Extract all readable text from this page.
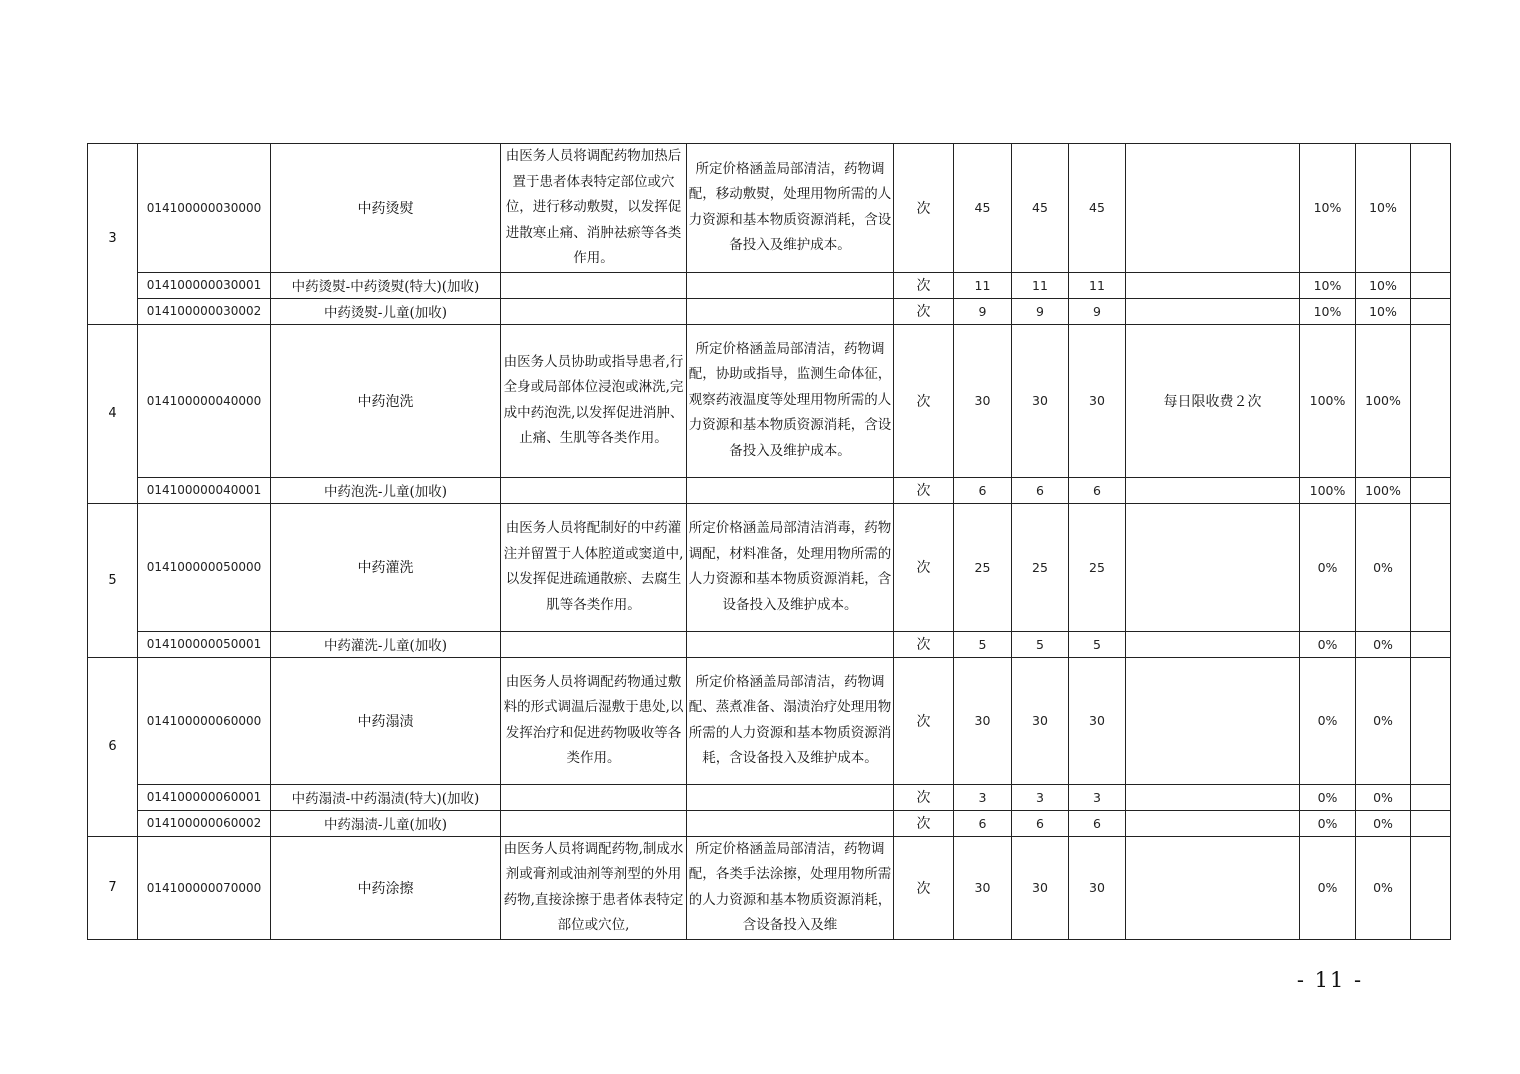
3	014100000030000	中药烫熨	由医务人员将调配药物加热后置于患者体表特定部位或穴位，进行移动敷熨，以发挥促进散寒止痛、消肿祛瘀等各类作用。	所定价格涵盖局部清洁，药物调配，移动敷熨，处理用物所需的人力资源和基本物质资源消耗，含设备投入及维护成本。	次	45	45	45		10%	10%	
	014100000030001	中药烫熨-中药烫熨(特大)(加收)			次	11	11	11		10%	10%	
	014100000030002	中药烫熨-儿童(加收)			次	9	9	9		10%	10%	
4	014100000040000	中药泡洗	由医务人员协助或指导患者,行全身或局部体位浸泡或淋洗,完成中药泡洗,以发挥促进消肿、止痛、生肌等各类作用。	所定价格涵盖局部清洁，药物调配，协助或指导，监测生命体征，观察药液温度等处理用物所需的人力资源和基本物质资源消耗，含设备投入及维护成本。	次	30	30	30	每日限收费２次	100%	100%	
	014100000040001	中药泡洗-儿童(加收)			次	6	6	6		100%	100%	
5	014100000050000	中药灌洗	由医务人员将配制好的中药灌注并留置于人体腔道或窦道中,以发挥促进疏通散瘀、去腐生肌等各类作用。	所定价格涵盖局部清洁消毒，药物调配，材料准备，处理用物所需的人力资源和基本物质资源消耗，含设备投入及维护成本。	次	25	25	25		0%	0%	
	014100000050001	中药灌洗-儿童(加收)			次	5	5	5		0%	0%	
6	014100000060000	中药溻渍	由医务人员将调配药物通过敷料的形式调温后湿敷于患处,以发挥治疗和促进药物吸收等各类作用。	所定价格涵盖局部清洁，药物调配、蒸煮准备、溻渍治疗处理用物所需的人力资源和基本物质资源消耗，含设备投入及维护成本。	次	30	30	30		0%	0%	
	014100000060001	中药溻渍-中药溻渍(特大)(加收)			次	3	3	3		0%	0%	
	014100000060002	中药溻渍-儿童(加收)			次	6	6	6		0%	0%	
7	014100000070000	中药涂擦	由医务人员将调配药物,制成水剂或膏剂或油剂等剂型的外用药物,直接涂擦于患者体表特定部位或穴位,	所定价格涵盖局部清洁，药物调配，各类手法涂擦，处理用物所需的人力资源和基本物质资源消耗，含设备投入及维	次	30	30	30		0%	0%	
- 11 -
